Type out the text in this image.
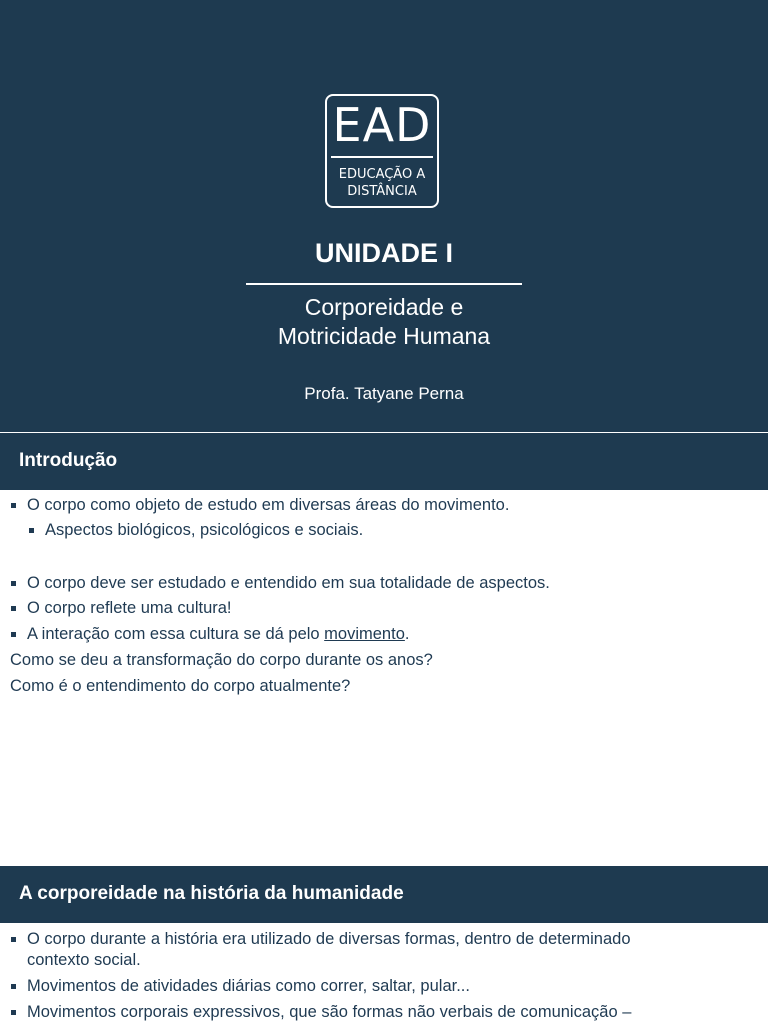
EAD
EDUCAÇÃO A
DISTÂNCIA
UNIDADE I
Corporeidade e
Motricidade Humana
Profa. Tatyane Perna
Introdução
O corpo como objeto de estudo em diversas áreas do movimento.
Aspectos biológicos, psicológicos e sociais.
O corpo deve ser estudado e entendido em sua totalidade de aspectos.
O corpo reflete uma cultura!
A interação com essa cultura se dá pelo movimento.
Como se deu a transformação do corpo durante os anos?
Como é o entendimento do corpo atualmente?
A corporeidade na história da humanidade
O corpo durante a história era utilizado de diversas formas, dentro de determinado
contexto social.
Movimentos de atividades diárias como correr, saltar, pular...
Movimentos corporais expressivos, que são formas não verbais de comunicação –
